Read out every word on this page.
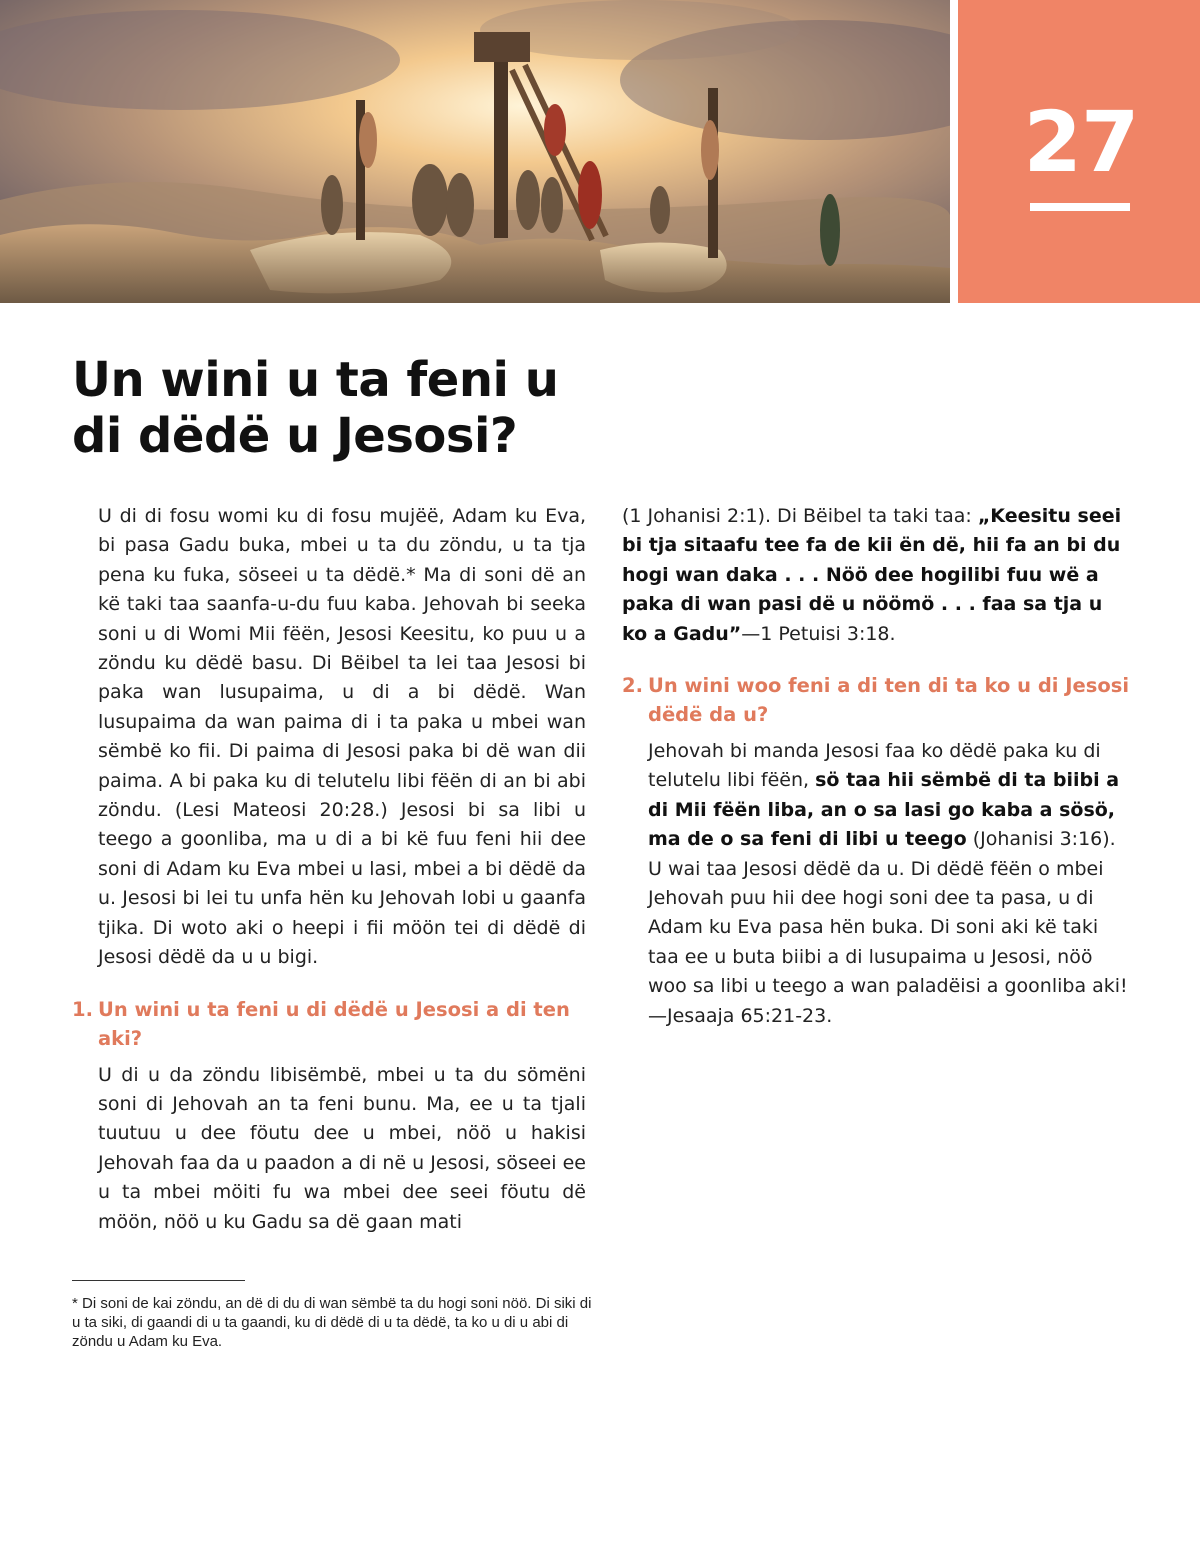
27
Un wini u ta feni u
di dëdë u Jesosi?

U di di fosu womi ku di fosu mujëë, Adam ku Eva, bi pasa Gadu buka, mbei u ta du zöndu, u ta tja pena ku fuka, söseei u ta dëdë.* Ma di soni dë an kë taki taa saanfa-u-du fuu kaba. Jehovah bi seeka soni u di Womi Mii fëën, Jesosi Keesitu, ko puu u a zöndu ku dëdë basu. Di Bëibel ta lei taa Jesosi bi paka wan lusupaima, u di a bi dëdë. Wan lusupaima da wan paima di i ta paka u mbei wan sëmbë ko fii. Di paima di Jesosi paka bi dë wan dii paima. A bi paka ku di telutelu libi fëën di an bi abi zöndu. (Lesi Mateosi 20:28.) Jesosi bi sa libi u teego a goonliba, ma u di a bi kë fuu feni hii dee soni di Adam ku Eva mbei u lasi, mbei a bi dëdë da u. Jesosi bi lei tu unfa hën ku Jehovah lobi u gaanfa tjika. Di woto aki o heepi i fii möön tei di dëdë di Jesosi dëdë da u u bigi.

1. Un wini u ta feni u di dëdë u Jesosi a di ten aki?

U di u da zöndu libisëmbë, mbei u ta du sömëni soni di Jehovah an ta feni bunu. Ma, ee u ta tjali tuutuu u dee föutu dee u mbei, nöö u hakisi Jehovah faa da u paadon a di në u Jesosi, söseei ee u ta mbei möiti fu wa mbei dee seei föutu dë möön, nöö u ku Gadu sa dë gaan mati

(1 Johanisi 2:1). Di Bëibel ta taki taa: „Keesitu seei bi tja sitaafu tee fa de kii ën dë, hii fa an bi du hogi wan daka . . . Nöö dee hogilibi fuu wë a paka di wan pasi dë u nöömö . . . faa sa tja u ko a Gadu”—1 Petuisi 3:18.

2. Un wini woo feni a di ten di ta ko u di Jesosi dëdë da u?

Jehovah bi manda Jesosi faa ko dëdë paka ku di telutelu libi fëën, sö taa hii sëmbë di ta biibi a di Mii fëën liba, an o sa lasi go kaba a sösö, ma de o sa feni di libi u teego (Johanisi 3:16). U wai taa Jesosi dëdë da u. Di dëdë fëën o mbei Jehovah puu hii dee hogi soni dee ta pasa, u di Adam ku Eva pasa hën buka. Di soni aki kë taki taa ee u buta biibi a di lusupaima u Jesosi, nöö woo sa libi u teego a wan paladëisi a goonliba aki!—Jesaaja 65:21-23.

* Di soni de kai zöndu, an dë di du di wan sëmbë ta du hogi soni nöö. Di siki di u ta siki, di gaandi di u ta gaandi, ku di dëdë di u ta dëdë, ta ko u di u abi di zöndu u Adam ku Eva.
